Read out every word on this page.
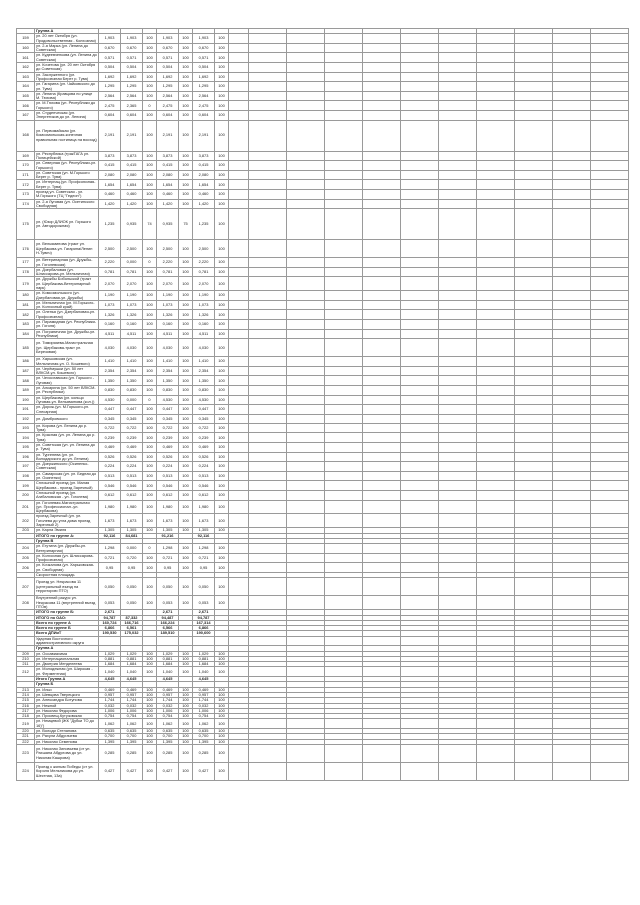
	Группа А																		
159	ул. 20 лет Октября (ул. Продовольственная - Колхозная)	1,903	1,903	100	1,903	100	1,903	100											
160	ул. 2-я Марка (ул. Ленина до Советская)	0,670	0,670	100	0,670	100	0,670	100											
161	ул. Кудеевченкова (ул. Ленина до Советская)	0,571	0,571	100	0,571	100	0,571	100											
162	ул. Кочетова (ул. 20 лет Октября до Советская)	0,504	0,504	100	0,504	100	0,504	100											
163	ул. Заслуженного (ул. Профсоюзная Берег р. Тува)	1,692	1,692	100	1,692	100	1,692	100											
164	ул. Гагарина (ул. Чайковского до ул. Тува)	1,295	1,295	100	1,295	100	1,295	100											
165	ул. Ленина (Кравцова по улице М. Тюхова)	2,564	2,564	100	2,564	100	2,564	100											
166	ул. М.Тюхова (ул. Республики до Горького)	2,475	2,365	0	2,475	100	2,475	100											
167	ул. Студенческая (ул. Энергетиков до ул. Ленина)	0,604	0,604	100	0,604	100	0,604	100											
168	ул. Первомайская (ул. Комсомольская-конечная правильная гостиница на восход)	2,191	2,191	100	2,191	100	2,191	100											
169	ул. Республика (тракТАГА ул. Полицейской)	3,873	3,873	100	3,873	100	3,873	100											
170	ул. Северная (ул. Республики-ул. Горького)	0,415	0,415	100	0,415	100	0,415	100											
171	ул. Советская (ул. М.Горького Берег р. Тува)	2,080	2,080	100	2,080	100	2,080	100											
172	ул. Интернац.(ул. Профсоюзная-Берег р. Тува)	1,654	1,654	100	1,654	100	1,654	100											
173	проезд ул. Советская - ул. М.Горького (ТЦ "Гедеон")	0,460	0,460	100	0,460	100	0,460	100											
174	ул. 2-я Луговая (ул. Осетинского Свободная)	1,420	1,420	100	1,420	100	1,420	100											
175	ул. (Юзор ДЛИОК ул. Горького ул. Автодорожная)	1,235	0,935	74	0,935	75	1,235	100											
176	ул. Вельяминова (тракт ул. Щербакова-ул. Гагарина/Ленин Н-Тувич)	2,500	2,500	100	2,500	100	2,500	100											
177	ул. Ветеринарная (ул. Дружбы-ул. Гоголевская)	2,220	0,000	0	2,220	100	2,220	100											
178	ул. Дзербаловая (ул. Шлиссарова-ул. Мельничная)	0,781	0,781	100	0,781	100	0,781	100											
179	ул. Дружбы Бобольской (тракт ул. Щербакова-Ветеринарный парк)	2,070	2,070	100	2,070	100	2,070	100											
180	ул. Комсомольского (ул. Дзербаловая-ул. Дружбы)	1,190	1,190	100	1,190	100	1,190	100											
181	ул. Мельничная (ул. М.Горького-ул. Колхозный край)	1,073	1,073	100	1,073	100	1,073	100											
182	ул. Оленья (ул. Дзербаловая-ул. Профсоюзная)	1,326	1,326	100	1,326	100	1,326	100											
183	ул. Пирамидная (ул. Республики-ул. Гоголя)	0,160	0,160	100	0,160	100	0,160	100											
184	ул. Пограничная (ул. Дружбы-ул. Республики)	4,511	4,511	100	4,511	100	4,511	100											
185	ул. Тимирязева-Магистральная (ул. Щербакова-тракт ул. Березовая)	4,030	4,030	100	4,030	100	4,030	100											
186	ул. Харьковская (ул. Мельничная-ул. О. Кошевого)	1,410	1,410	100	1,410	100	1,410	100											
187	ул. Черёмушки (ул. 50 лет ВЛКСМ-ул. Кошевого)	2,354	2,354	100	2,354	100	2,354	100											
188	ул. Чехославская (ул. Горького - Луговая)	1,350	1,350	100	1,350	100	1,350	100											
189	ул. Алкарина (ул. 50 лет ВЛКСМ-ул. Республики)	0,830	0,830	100	0,830	100	0,830	100											
190	ул. Щербакова (ул. кольцо Луговая-ул. Вельяминова (кол.))	4,530	0,000	0	4,530	100	4,530	100											
191	ул. Дорож.(ул. М.Горького-ул. Слесарная)	0,447	0,447	100	0,447	100	0,447	100											
192	ул. Домбровского	0,345	0,345	100	0,345	100	0,345	100											
193	ул. Кирова (ул. Ленина до р. Тува)	0,722	0,722	100	0,722	100	0,722	100											
194	ул. Красная (ул. ул. Ленина до р. Тува)	0,239	0,239	100	0,239	100	0,239	100											
195	ул. Советская (ул. ул. Ленина до р. Тува)	0,469	0,469	100	0,469	100	0,469	100											
196	ул. Тургенева (ул. ул. Володарского до ул. Ленина)	0,526	0,526	100	0,526	100	0,526	100											
197	ул. Дзержинского (Осипенко-Советская)	0,224	0,224	100	0,224	100	0,224	100											
198	ул. Самарская (ул. ул. Бедная до ул. Осипенко)	0,513	0,513	100	0,513	100	0,513	100											
199	Сплошной проезд (ул. Малая Щербакова - проезд Заречный)	0,546	0,546	100	0,546	100	0,546	100											
200	Сплошной проезд (ул. Агибаловская - ул. Гоголева)	0,612	0,612	100	0,612	100	0,612	100											
201	ул. Гоголевая-Магистральная (ул. Профессионал.-ул. Щербакова)	1,980	1,980	100	1,980	100	1,980	100											
202	проезд Заречный (ул. ул. Гоголева до угла дома проезд Заречный 2)	1,673	1,673	100	1,673	100	1,673	100											
203	ул. Карла Эмиля	1,305	1,305	100	1,305	100	1,305	100											
	ИТОГО по группе А:	92,116	84,681		91,216		92,116												
	Группа В																		
204	ул. Егутина (ул. Дружбы-ул. Ветеринарная)	1,298	0,000	0	1,298	100	1,298	100											
205	ул. Колхозная (ул. Шлиссарова-Профсоюзная)	0,721	0,720	100	0,721	100	0,721	100											
206	ул. Кочкалова (ул. Харьковская-ул. Свободная)	0,95	0,95	100	0,95	100	0,95	100											
	Скоростная площадь																		
207	Проезд ул. Некрасова 11 (центральный въезд на территорию ПТО)	0,050	0,050	100	0,050	100	0,050	100											
208	Внутренний ракурс ул. Некрасова 11 (внутренний въезд ПТОв)	0,053	0,050	100	0,053	100	0,053	100											
	ИТОГО по группе Б:	2,671			2,671		2,671												
	ИТОГО по ОАО:	94,787	87,332		94,487		94,787												
	Всего по группе А	160,724	166,716		166,224		167,314												
	Всего по группе Б	6,866	6,561		6,566		6,866												
	Всего ДПИиТ	190,530	175,032		189,510		190,600												
	Ударная Восточного административного округа																		
	Группа А																		
209	ул. Осоавиахима	1,029	1,029	100	1,029	100	1,029	100											
210	ул. Интернациональная	0,881	0,881	100	0,881	100	0,881	100											
211	ул. Дмитрия Менделеева	1,684	1,684	100	1,684	100	1,684	100											
212	ул. Молодежная (ул. Широкая - ул. Ферментная)	1,040	1,040	100	1,040	100	1,040	100											
	Итого Группа А	4,645	4,645		4,645		4,645												
	Группа Б																		
213	ул. Ильи	0,469	0,469	100	0,469	100	0,469	100											
214	ул. Шевцова Тверецкого	0,957	0,957	100	0,957	100	0,957	100											
215	ул. Александра Ботунова	1,744	1,744	100	1,744	100	1,744	100											
216	ул. Нежной	0,032	0,032	100	0,032	100	0,032	100											
217	ул. Николая Федорова	1,006	1,006	100	1,006	100	1,006	100											
218	ул. Просвещ.Кутузовская	0,754	0,754	100	0,754	100	0,754	100											
219	ул. Немцевой (ЖК "Дубки ТО до 16)")	1,062	1,062	100	1,062	100	1,062	100											
220	ул. Володи Степанова	0,635	0,635	100	0,635	100	0,635	100											
221	ул. Рахули Абдугачева	0,700	0,700	100	0,700	100	0,700	100											
222	ул. Николая Семенова	1,395	1,395	100	1,395	100	1,395	100											
223	ул. Николая Зиновьева (от ул. Рахшана Абдулова до ул. Николая Кашрова)	0,285	0,285	100	0,285	100	0,285	100											
224	Проезд к жилым Победы (от ул. Короля Мельникова до ул. Шестная, 13а)	0,427	0,427	100	0,427	100	0,427	100											
